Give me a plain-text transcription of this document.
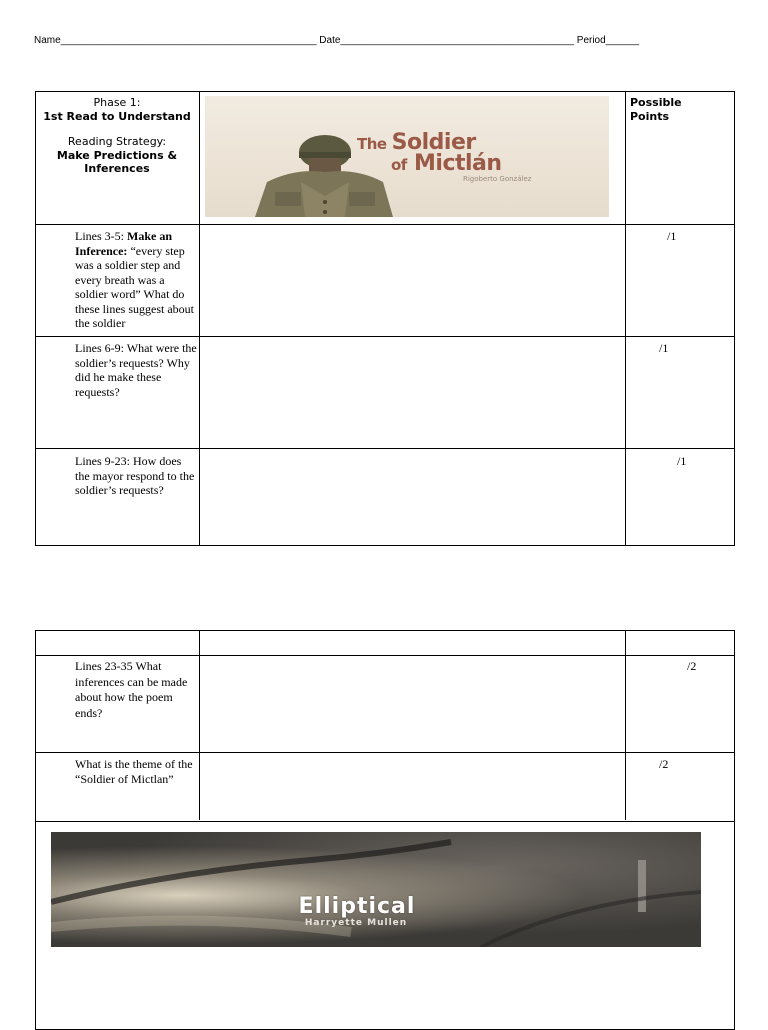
Name______________________________________________ Date__________________________________________ Period______
Phase 1:
1st Read to Understand
Reading Strategy:
Make Predictions & Inferences
The Soldier
of Mictlán
Rigoberto González
Possible Points
Lines 3-5: Make an Inference: “every step was a soldier step and every breath was a soldier word” What do these lines suggest about the soldier
/1
Lines 6-9: What were the soldier’s requests? Why did he make these requests?
/1
Lines 9-23: How does the mayor respond to the soldier’s requests?
/1
Lines 23-35 What inferences can be made about how the poem ends?
/2
What is the theme of the “Soldier of Mictlan”
/2
Elliptical
Harryette Mullen
